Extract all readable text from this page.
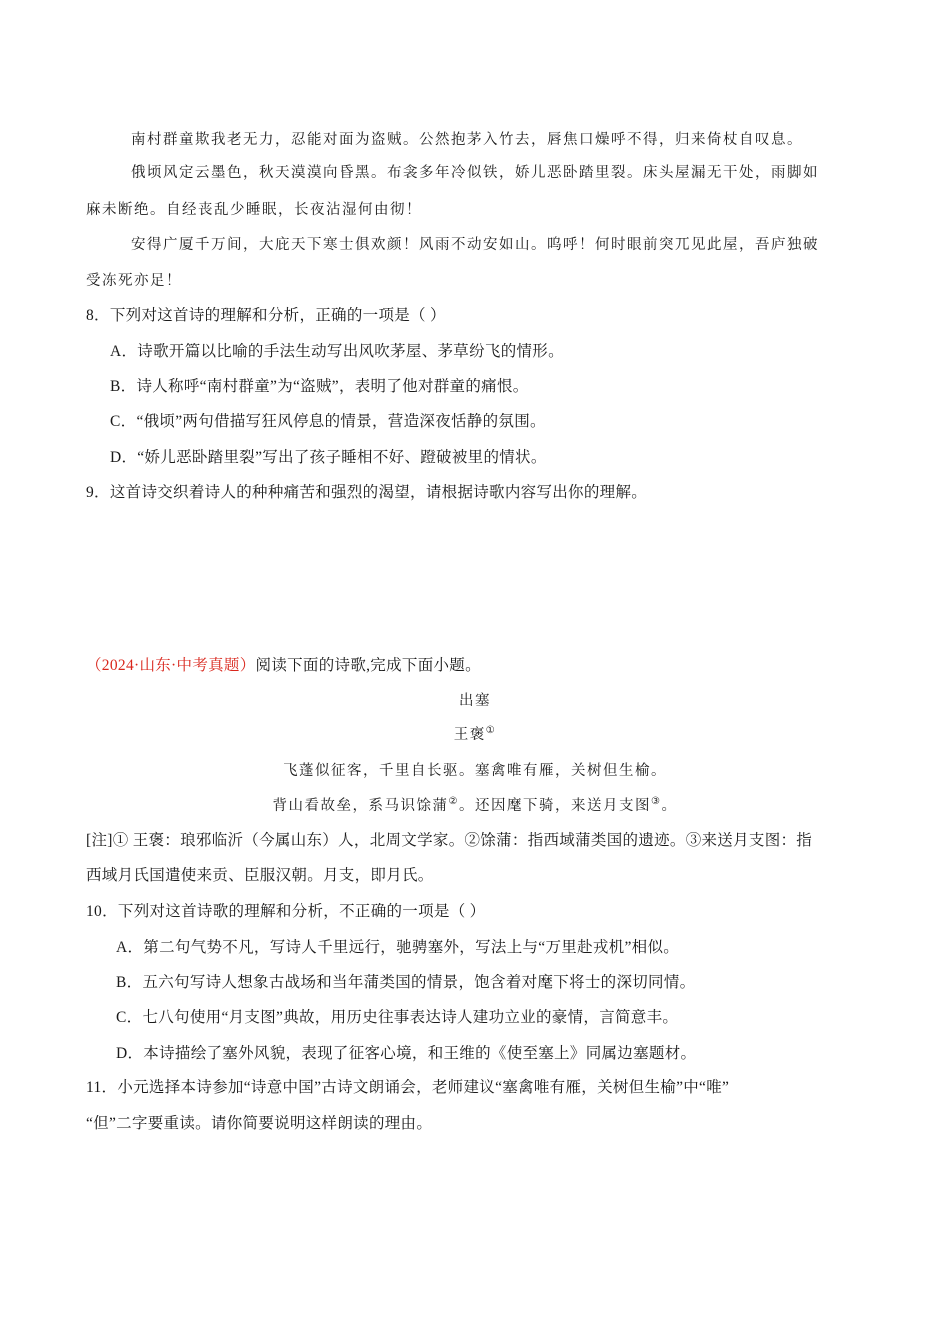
南村群童欺我老无力，忍能对面为盗贼。公然抱茅入竹去，唇焦口燥呼不得，归来倚杖自叹息。
俄顷风定云墨色，秋天漠漠向昏黑。布衾多年冷似铁，娇儿恶卧踏里裂。床头屋漏无干处，雨脚如
麻未断绝。自经丧乱少睡眠，长夜沾湿何由彻！
安得广厦千万间，大庇天下寒士俱欢颜！风雨不动安如山。呜呼！何时眼前突兀见此屋，吾庐独破
受冻死亦足！
8．下列对这首诗的理解和分析，正确的一项是（ ）
A．诗歌开篇以比喻的手法生动写出风吹茅屋、茅草纷飞的情形。
B．诗人称呼“南村群童”为“盗贼”，表明了他对群童的痛恨。
C．“俄顷”两句借描写狂风停息的情景，营造深夜恬静的氛围。
D．“娇儿恶卧踏里裂”写出了孩子睡相不好、蹬破被里的情状。
9．这首诗交织着诗人的种种痛苦和强烈的渴望，请根据诗歌内容写出你的理解。
（2024·山东·中考真题）阅读下面的诗歌,完成下面小题。
出塞
王褒①
飞蓬似征客，千里自长驱。塞禽唯有雁，关树但生榆。
背山看故垒，系马识馀蒲②。还因麾下骑，来送月支图③。
[注]① 王褒：琅邪临沂（今属山东）人，北周文学家。②馀蒲：指西域蒲类国的遗迹。③来送月支图：指
西域月氏国遣使来贡、臣服汉朝。月支，即月氏。
10．下列对这首诗歌的理解和分析，不正确的一项是（ ）
A．第二句气势不凡，写诗人千里远行，驰骋塞外，写法上与“万里赴戎机”相似。
B．五六句写诗人想象古战场和当年蒲类国的情景，饱含着对麾下将士的深切同情。
C．七八句使用“月支图”典故，用历史往事表达诗人建功立业的豪情，言简意丰。
D．本诗描绘了塞外风貌，表现了征客心境，和王维的《使至塞上》同属边塞题材。
11．小元选择本诗参加“诗意中国”古诗文朗诵会，老师建议“塞禽唯有雁，关树但生榆”中“唯”
“但”二字要重读。请你简要说明这样朗读的理由。
